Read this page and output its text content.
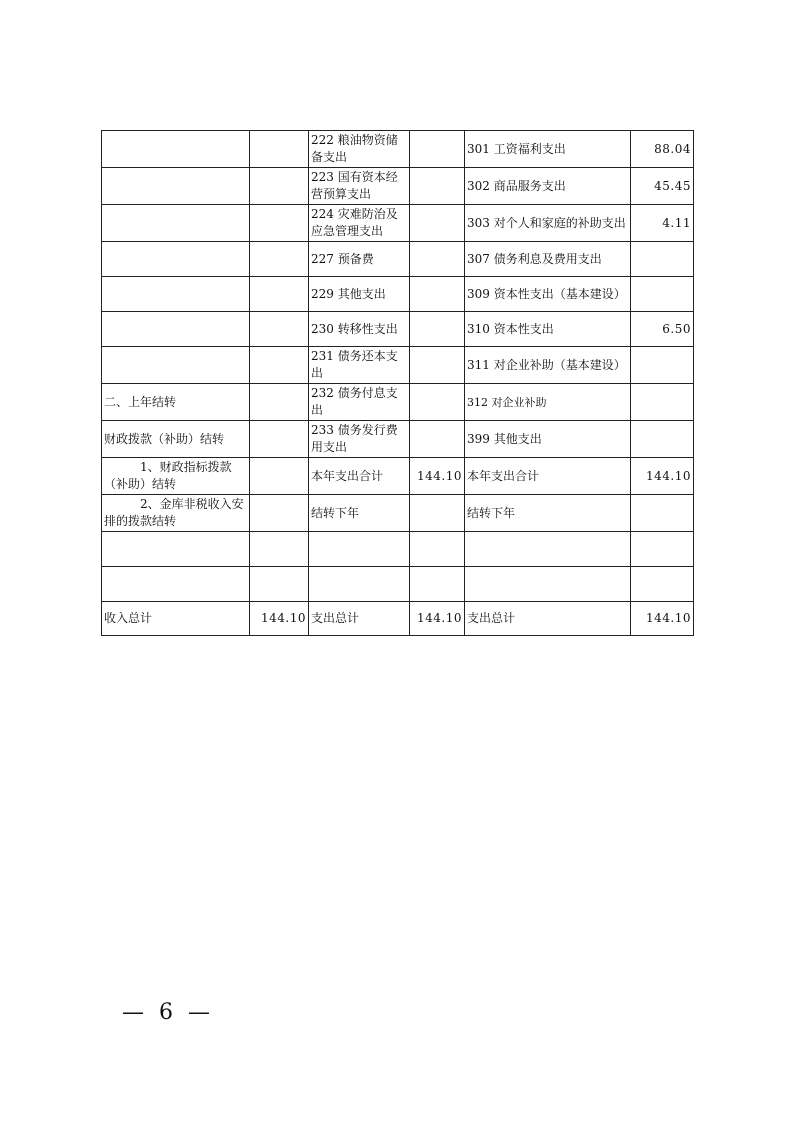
		222 粮油物资储备支出		301 工资福利支出	88.04
		223 国有资本经营预算支出		302 商品服务支出	45.45
		224 灾难防治及应急管理支出		303 对个人和家庭的补助支出	4.11
		227 预备费		307 债务利息及费用支出	
		229 其他支出		309 资本性支出（基本建设）	
		230 转移性支出		310 资本性支出	6.50
		231 债务还本支出		311 对企业补助（基本建设）	
二、上年结转		232 债务付息支出		312 对企业补助	
财政拨款（补助）结转		233 债务发行费用支出		399 其他支出	
1、财政指标拨款（补助）结转		本年支出合计	144.10	本年支出合计	144.10
2、金库非税收入安排的拨款结转		结转下年		结转下年	

收入总计	144.10	支出总计	144.10	支出总计	144.10
— 6 —
